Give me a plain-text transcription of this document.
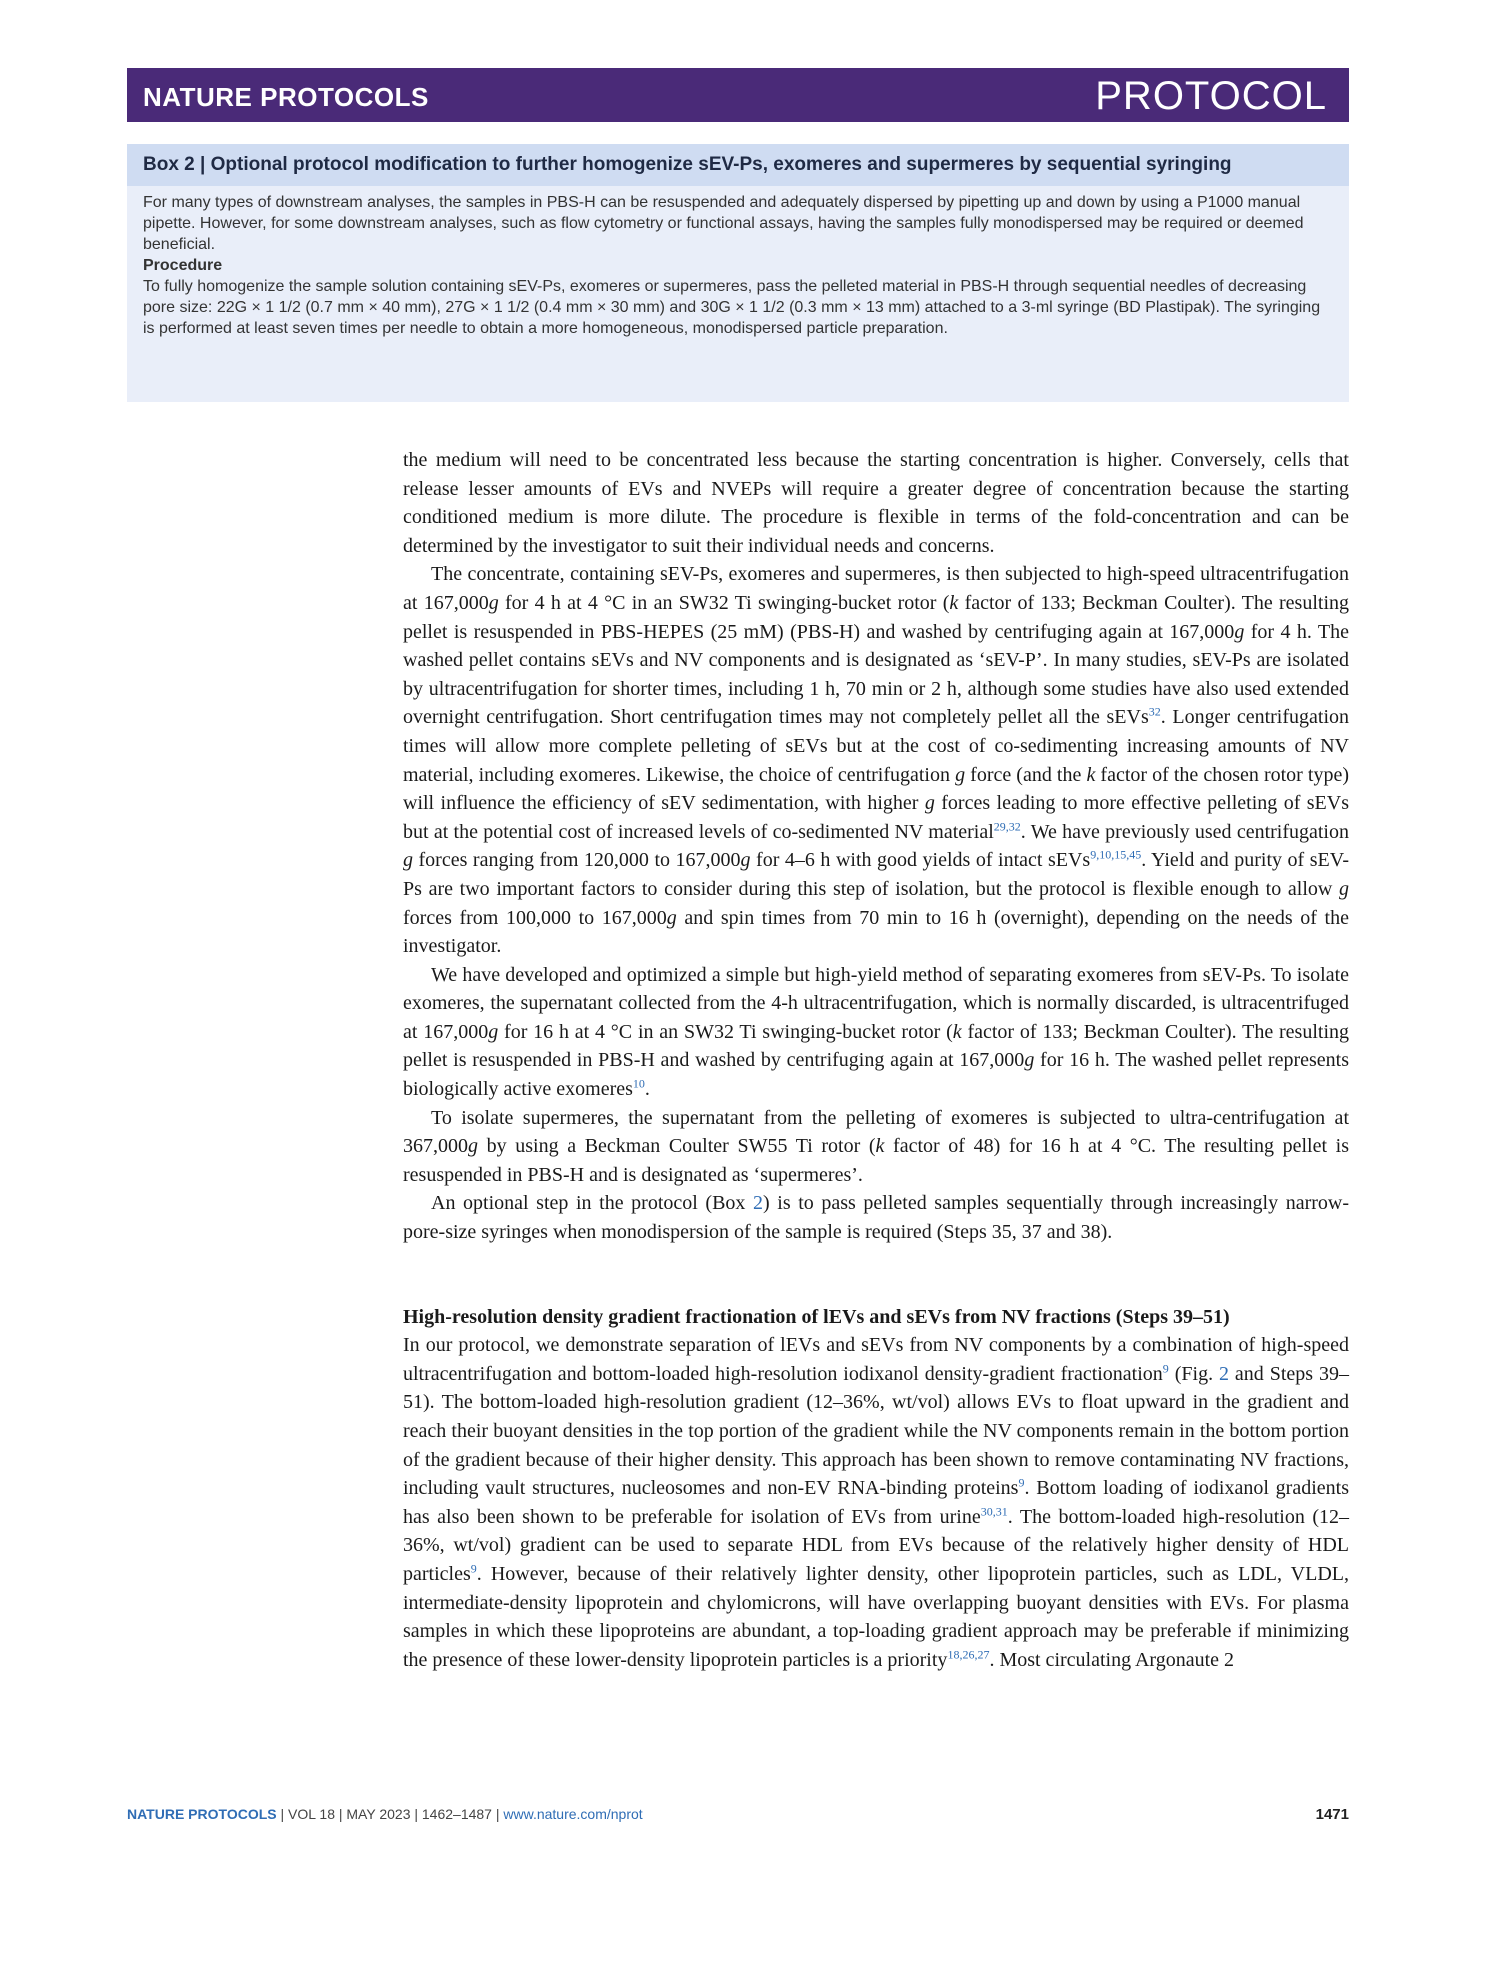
NATURE PROTOCOLS	PROTOCOL
Box 2 | Optional protocol modification to further homogenize sEV-Ps, exomeres and supermeres by sequential syringing

For many types of downstream analyses, the samples in PBS-H can be resuspended and adequately dispersed by pipetting up and down by using a P1000 manual pipette. However, for some downstream analyses, such as flow cytometry or functional assays, having the samples fully monodispersed may be required or deemed beneficial.

Procedure

To fully homogenize the sample solution containing sEV-Ps, exomeres or supermeres, pass the pelleted material in PBS-H through sequential needles of decreasing pore size: 22G × 1 1/2 (0.7 mm × 40 mm), 27G × 1 1/2 (0.4 mm × 30 mm) and 30G × 1 1/2 (0.3 mm × 13 mm) attached to a 3-ml syringe (BD Plastipak). The syringing is performed at least seven times per needle to obtain a more homogeneous, monodispersed particle preparation.

the medium will need to be concentrated less because the starting concentration is higher. Conversely, cells that release lesser amounts of EVs and NVEPs will require a greater degree of concentration because the starting conditioned medium is more dilute. The procedure is flexible in terms of the fold-concentration and can be determined by the investigator to suit their individual needs and concerns.

The concentrate, containing sEV-Ps, exomeres and supermeres, is then subjected to high-speed ultracentrifugation at 167,000g for 4 h at 4 °C in an SW32 Ti swinging-bucket rotor (k factor of 133; Beckman Coulter). The resulting pellet is resuspended in PBS-HEPES (25 mM) (PBS-H) and washed by centrifuging again at 167,000g for 4 h. The washed pellet contains sEVs and NV components and is designated as ‘sEV-P’. In many studies, sEV-Ps are isolated by ultracentrifugation for shorter times, including 1 h, 70 min or 2 h, although some studies have also used extended overnight centrifugation. Short centrifugation times may not completely pellet all the sEVs$^{32}$. Longer centrifugation times will allow more complete pelleting of sEVs but at the cost of co-sedimenting increasing amounts of NV material, including exomeres. Likewise, the choice of centrifugation g force (and the k factor of the chosen rotor type) will influence the efficiency of sEV sedimentation, with higher g forces leading to more effective pelleting of sEVs but at the potential cost of increased levels of co-sedimented NV material$^{29,32}$. We have previously used centrifugation g forces ranging from 120,000 to 167,000g for 4–6 h with good yields of intact sEVs$^{9,10,15,45}$. Yield and purity of sEV-Ps are two important factors to consider during this step of isolation, but the protocol is flexible enough to allow g forces from 100,000 to 167,000g and spin times from 70 min to 16 h (overnight), depending on the needs of the investigator.

We have developed and optimized a simple but high-yield method of separating exomeres from sEV-Ps. To isolate exomeres, the supernatant collected from the 4-h ultracentrifugation, which is normally discarded, is ultracentrifuged at 167,000g for 16 h at 4 °C in an SW32 Ti swinging-bucket rotor (k factor of 133; Beckman Coulter). The resulting pellet is resuspended in PBS-H and washed by centrifuging again at 167,000g for 16 h. The washed pellet represents biologically active exomeres$^{10}$.

To isolate supermeres, the supernatant from the pelleting of exomeres is subjected to ultra-centrifugation at 367,000g by using a Beckman Coulter SW55 Ti rotor (k factor of 48) for 16 h at 4 °C. The resulting pellet is resuspended in PBS-H and is designated as ‘supermeres’.

An optional step in the protocol (Box 2) is to pass pelleted samples sequentially through increasingly narrow-pore-size syringes when monodispersion of the sample is required (Steps 35, 37 and 38).

High-resolution density gradient fractionation of lEVs and sEVs from NV fractions (Steps 39–51)

In our protocol, we demonstrate separation of lEVs and sEVs from NV components by a combination of high-speed ultracentrifugation and bottom-loaded high-resolution iodixanol density-gradient fractionation$^9$ (Fig. 2 and Steps 39–51). The bottom-loaded high-resolution gradient (12–36%, wt/vol) allows EVs to float upward in the gradient and reach their buoyant densities in the top portion of the gradient while the NV components remain in the bottom portion of the gradient because of their higher density. This approach has been shown to remove contaminating NV fractions, including vault structures, nucleosomes and non-EV RNA-binding proteins$^9$. Bottom loading of iodixanol gradients has also been shown to be preferable for isolation of EVs from urine$^{30,31}$. The bottom-loaded high-resolution (12–36%, wt/vol) gradient can be used to separate HDL from EVs because of the relatively higher density of HDL particles$^9$. However, because of their relatively lighter density, other lipoprotein particles, such as LDL, VLDL, intermediate-density lipoprotein and chylomicrons, will have overlapping buoyant densities with EVs. For plasma samples in which these lipoproteins are abundant, a top-loading gradient approach may be preferable if minimizing the presence of these lower-density lipoprotein particles is a priority$^{18,26,27}$. Most circulating Argonaute 2

NATURE PROTOCOLS | VOL 18 | MAY 2023 | 1462–1487 | www.nature.com/nprot	1471
